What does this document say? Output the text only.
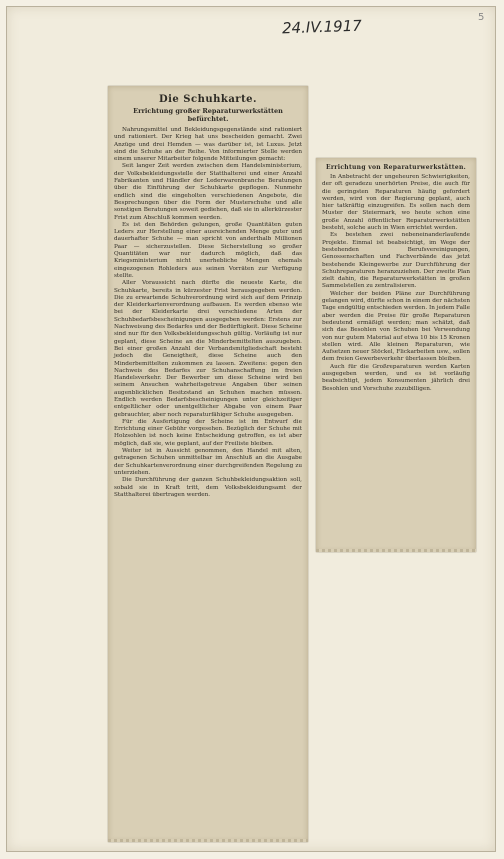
24.IV.1917	5
Die Schuhkarte.
Errichtung großer Reparaturwerkstätten befürchtet.

Nahrungsmittel und Bekleidungsgegenstände sind rationiert und rationiert. Der Krieg hat uns bescheiden gemacht. Zwei Anzüge und drei Hemden — was darüber ist, ist Luxus. Jetzt sind die Schuhe an der Reihe. Von informierter Stelle werden einem unserer Mitarbeiter folgende Mitteilungen gemacht:

Seit langer Zeit werden zwischen dem Handelsministerium, der Volksbekleidungsstelle der Statthalterei und einer Anzahl Fabrikanten und Händler der Lederwarenbranche Beratungen über die Einführung der Schuhkarte gepflogen. Nunmehr endlich sind die eingeholten verschiedenen Angebote, die Besprechungen über die Form der Musterschuhe und alle sonstigen Beratungen soweit gediehen, daß sie in allerkürzester Frist zum Abschluß kommen werden.

Es ist den Behörden gelungen, große Quantitäten guten Leders zur Herstellung einer ausreichenden Menge guter und dauerhafter Schuhe — man spricht von anderthalb Millionen Paar — sicherzustellen. Diese Sicherstellung so großer Quantitäten war nur dadurch möglich, daß das Kriegsministerium nicht unerhebliche Mengen ehemals eingezogenen Rohleders aus seinen Vorräten zur Verfügung stellte.

Aller Voraussicht nach dürfte die neueste Karte, die Schuhkarte, bereits in kürzester Frist herausgegeben werden. Die zu erwartende Schuhverordnung wird sich auf dem Prinzip der Kleiderkartenverordnung aufbauen. Es werden ebenso wie bei der Kleiderkarte drei verschiedene Arten der Schuhbedarfsbescheinigungen ausgegeben werden: Erstens zur Nachweisung des Bedarfes und der Bedürftigkeit. Diese Scheine sind nur für den Volksbekleidungsschuh gültig. Vorläufig ist nur geplant, diese Scheine an die Minderbemittelten auszugeben. Bei einer großen Anzahl der Verbandsmitgliedschaft besteht jedoch die Geneigtheit, diese Scheine auch den Minderbemittelten zukommen zu lassen. Zweitens: gegen den Nachweis des Bedarfes zur Schuhanschaffung im freien Handelsverkehr. Der Bewerber um diese Scheine wird bei seinem Ansuchen wahrheitsgetreue Angaben über seinen augenblicklichen Besitzstand an Schuhen machen müssen. Endlich werden Bedarfsbescheinigungen unter gleichzeitiger entgeltlicher oder unentgeltlicher Abgabe von einem Paar gebrauchter, aber noch reparaturfähiger Schuhe ausgegeben.

Für die Ausfertigung der Scheine ist im Entwurf die Errichtung einer Gebühr vorgesehen. Bezüglich der Schuhe mit Holzsohlen ist noch keine Entscheidung getroffen, es ist aber möglich, daß sie, wie geplant, auf der Freiliste bleiben.

Weiter ist in Aussicht genommen, den Handel mit alten, getragenen Schuhen unmittelbar im Anschluß an die Ausgabe der Schuhkartenverordnung einer durchgreifenden Regelung zu unterziehen.

Die Durchführung der ganzen Schuhbekleidungsaktion soll, sobald sie in Kraft tritt, dem Volksbekleidungsamt der Statthalterei übertragen werden.

Errichtung von Reparaturwerkstätten.

In Anbetracht der ungeheuren Schwierigkeiten, der oft geradezu unerhörten Preise, die auch für die geringsten Reparaturen häufig gefordert werden, wird von der Regierung geplant, auch hier tatkräftig einzugreifen. Es sollen nach dem Muster der Steiermark, wo heute schon eine große Anzahl öffentlicher Reparaturwerkstätten besteht, solche auch in Wien errichtet werden.

Es bestehen zwei nebeneinanderlaufende Projekte. Einmal ist beabsichtigt, im Wege der bestehenden Berufsvereinigungen, Genossenschaften und Fachverbände das jetzt bestehende Kleingewerbe zur Durchführung der Schuhreparaturen heranzuziehen. Der zweite Plan zielt dahin, die Reparaturwerkstätten in großen Sammelstellen zu zentralisieren.

Welcher der beiden Pläne zur Durchführung gelangen wird, dürfte schon in einem der nächsten Tage endgültig entschieden werden. In jedem Falle aber werden die Preise für große Reparaturen bedeutend ermäßigt werden; man schätzt, daß sich das Besohlen von Schuhen bei Verwendung von nur gutem Material auf etwa 10 bis 15 Kronen stellen wird. Alle kleinen Reparaturen, wie Aufsetzen neuer Stöckel, Flickarbeiten usw., sollen dem freien Gewerbeverkehr überlassen bleiben.

Auch für die Großreparaturen werden Karten ausgegeben werden, und es ist vorläufig beabsichtigt, jedem Konsumenten jährlich drei Besohlen und Vorschuhe zuzubilligen.
